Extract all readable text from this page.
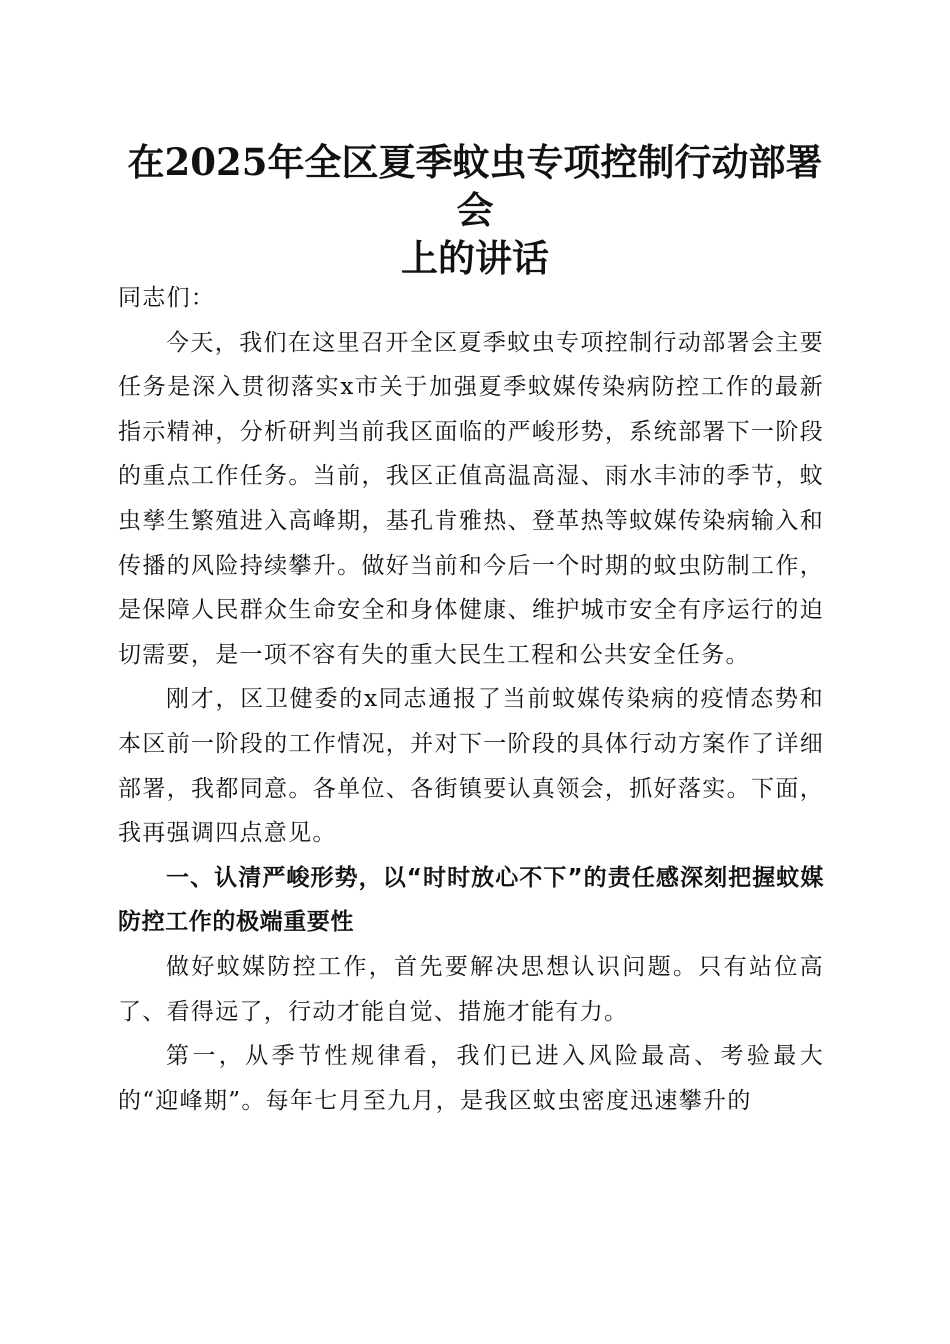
在2025年全区夏季蚊虫专项控制行动部署会
上的讲话

同志们：

今天，我们在这里召开全区夏季蚊虫专项控制行动部署会主要任务是深入贯彻落实x市关于加强夏季蚊媒传染病防控工作的最新指示精神，分析研判当前我区面临的严峻形势，系统部署下一阶段的重点工作任务。当前，我区正值高温高湿、雨水丰沛的季节，蚊虫孳生繁殖进入高峰期，基孔肯雅热、登革热等蚊媒传染病输入和传播的风险持续攀升。做好当前和今后一个时期的蚊虫防制工作，是保障人民群众生命安全和身体健康、维护城市安全有序运行的迫切需要，是一项不容有失的重大民生工程和公共安全任务。

刚才，区卫健委的x同志通报了当前蚊媒传染病的疫情态势和本区前一阶段的工作情况，并对下一阶段的具体行动方案作了详细部署，我都同意。各单位、各街镇要认真领会，抓好落实。下面，我再强调四点意见。

一、认清严峻形势，以“时时放心不下”的责任感深刻把握蚊媒防控工作的极端重要性

做好蚊媒防控工作，首先要解决思想认识问题。只有站位高了、看得远了，行动才能自觉、措施才能有力。

第一，从季节性规律看，我们已进入风险最高、考验最大的“迎峰期”。每年七月至九月，是我区蚊虫密度迅速攀升的
